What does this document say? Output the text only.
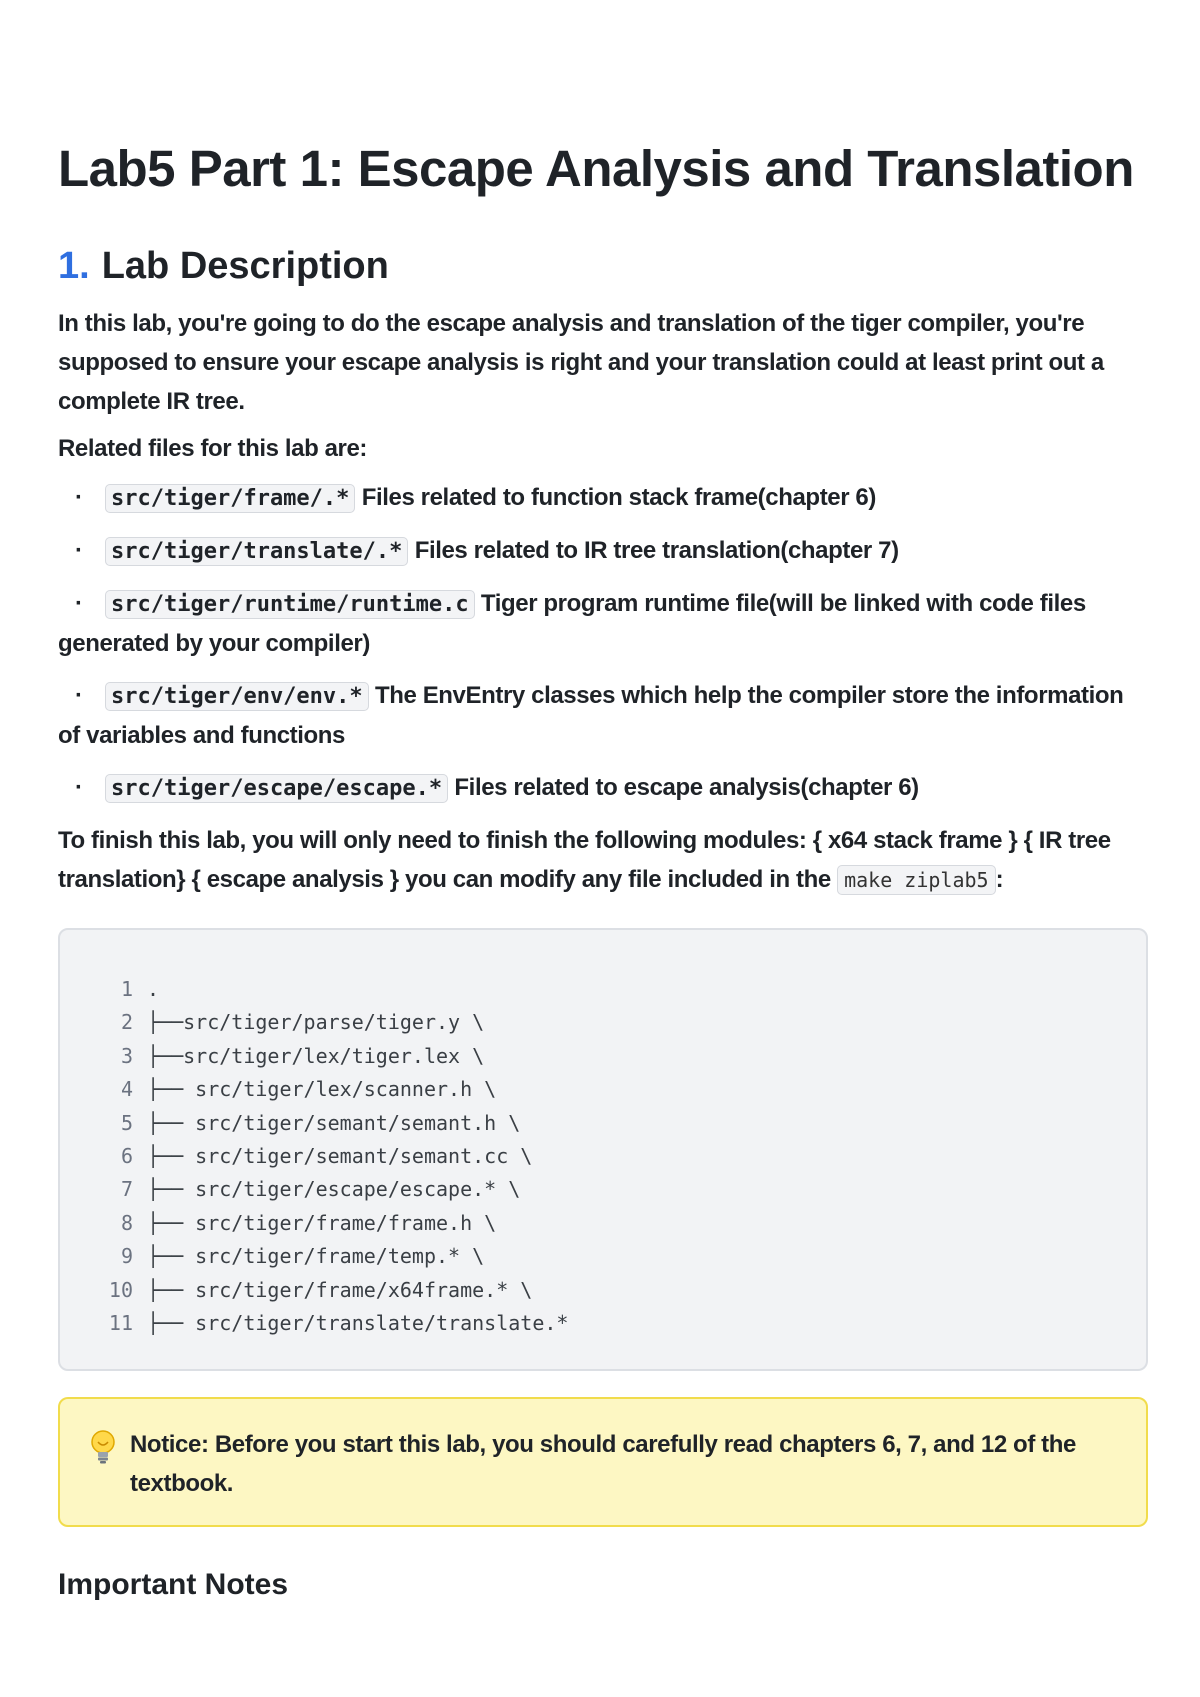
Lab5 Part 1: Escape Analysis and Translation
1. Lab Description

In this lab, you're going to do the escape analysis and translation of the tiger compiler, you're supposed to ensure your escape analysis is right and your translation could at least print out a complete IR tree.

Related files for this lab are:

· src/tiger/frame/.* Files related to function stack frame(chapter 6)
· src/tiger/translate/.* Files related to IR tree translation(chapter 7)
· src/tiger/runtime/runtime.c Tiger program runtime file(will be linked with code files generated by your compiler)
· src/tiger/env/env.* The EnvEntry classes which help the compiler store the information of variables and functions
· src/tiger/escape/escape.* Files related to escape analysis(chapter 6)

To finish this lab, you will only need to finish the following modules: { x64 stack frame } { IR tree translation} { escape analysis } you can modify any file included in the make ziplab5 :

1 .
2 ├──src/tiger/parse/tiger.y \
3 ├──src/tiger/lex/tiger.lex \
4 ├── src/tiger/lex/scanner.h \
5 ├── src/tiger/semant/semant.h \
6 ├── src/tiger/semant/semant.cc \
7 ├── src/tiger/escape/escape.* \
8 ├── src/tiger/frame/frame.h \
9 ├── src/tiger/frame/temp.* \
10 ├── src/tiger/frame/x64frame.* \
11 ├── src/tiger/translate/translate.*
Notice: Before you start this lab, you should carefully read chapters 6, 7, and 12 of the textbook.
Important Notes
